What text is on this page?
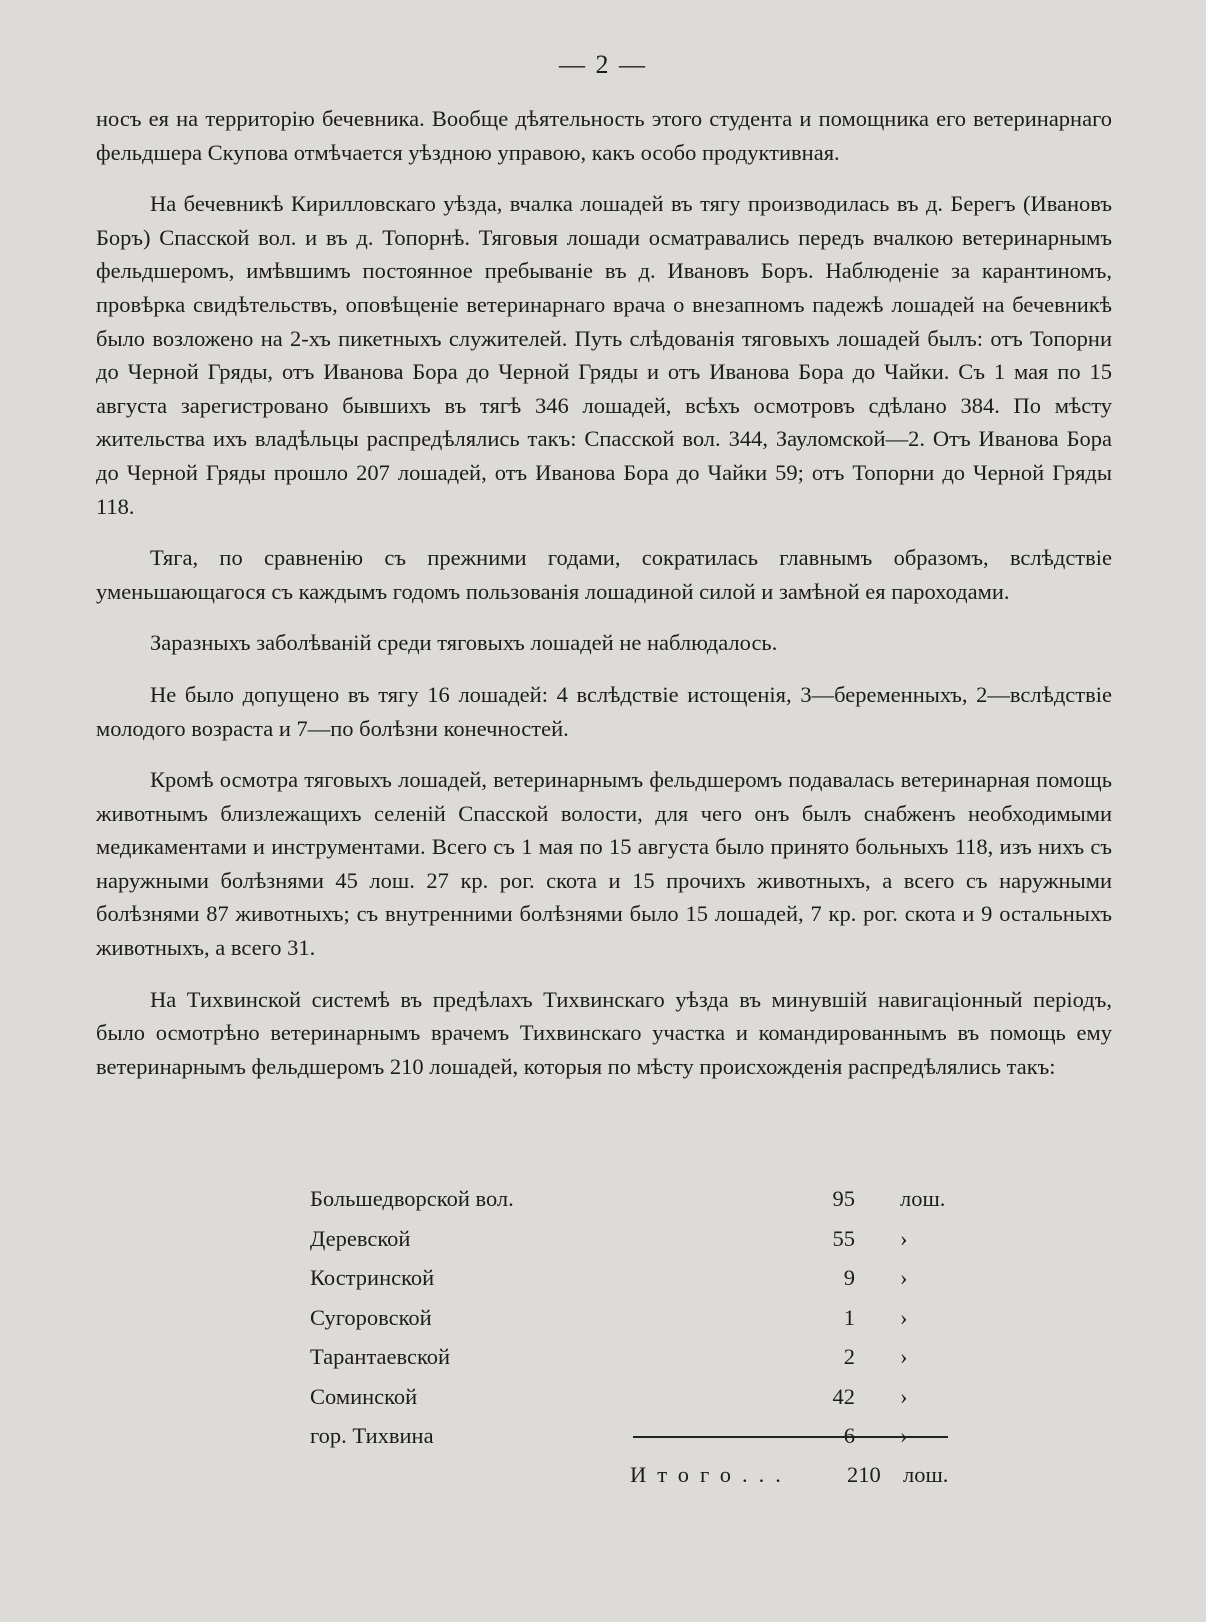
— 2 —

носъ ея на территорію бечевника. Вообще дѣятельность этого студента и помощника его ветеринарнаго фельдшера Скупова отмѣчается уѣздною управою, какъ особо продуктивная.

На бечевникѣ Кирилловскаго уѣзда, вчалка лошадей въ тягу производилась въ д. Берегъ (Ивановъ Боръ) Спасской вол. и въ д. Топорнѣ. Тяговыя лошади осматравались передъ вчалкою ветеринарнымъ фельдшеромъ, имѣвшимъ постоянное пребываніе въ д. Ивановъ Боръ. Наблюденіе за карантиномъ, провѣрка свидѣтельствъ, оповѣщеніе ветеринарнаго врача о внезапномъ падежѣ лошадей на бечевникѣ было возложено на 2-хъ пикетныхъ служителей. Путь слѣдованія тяговыхъ лошадей былъ: отъ Топорни до Черной Гряды, отъ Иванова Бора до Черной Гряды и отъ Иванова Бора до Чайки. Съ 1 мая по 15 августа зарегистровано бывшихъ въ тягѣ 346 лошадей, всѣхъ осмотровъ сдѣлано 384. По мѣсту жительства ихъ владѣльцы распредѣлялись такъ: Спасской вол. 344, Зауломской—2. Отъ Иванова Бора до Черной Гряды прошло 207 лошадей, отъ Иванова Бора до Чайки 59; отъ Топорни до Черной Гряды 118.

Тяга, по сравненію съ прежними годами, сократилась главнымъ образомъ, вслѣдствіе уменьшающагося съ каждымъ годомъ пользованія лошадиной силой и замѣной ея пароходами.

Заразныхъ заболѣваній среди тяговыхъ лошадей не наблюдалось.

Не было допущено въ тягу 16 лошадей: 4 вслѣдствіе истощенія, 3—беременныхъ, 2—вслѣдствіе молодого возраста и 7—по болѣзни конечностей.

Кромѣ осмотра тяговыхъ лошадей, ветеринарнымъ фельдшеромъ подавалась ветеринарная помощь животнымъ близлежащихъ селеній Спасской волости, для чего онъ былъ снабженъ необходимыми медикаментами и инструментами. Всего съ 1 мая по 15 августа было принято больныхъ 118, изъ нихъ съ наружными болѣзнями 45 лош. 27 кр. рог. скота и 15 прочихъ животныхъ, а всего съ наружными болѣзнями 87 животныхъ; съ внутренними болѣзнями было 15 лошадей, 7 кр. рог. скота и 9 остальныхъ животныхъ, а всего 31.

На Тихвинской системѣ въ предѣлахъ Тихвинскаго уѣзда въ минувшій навигаціонный періодъ, было осмотрѣно ветеринарнымъ врачемъ Тихвинскаго участка и командированнымъ въ помощь ему ветеринарнымъ фельдшеромъ 210 лошадей, которыя по мѣсту происхожденія распредѣлялись такъ:

Большедворской вол.	95 лош.
Деревской	55 ›
Костринской	9 ›
Сугоровской	1 ›
Тарантаевской	2 ›
Соминской	42 ›
гор. Тихвина	6 ›
Итого... 210 лош.
